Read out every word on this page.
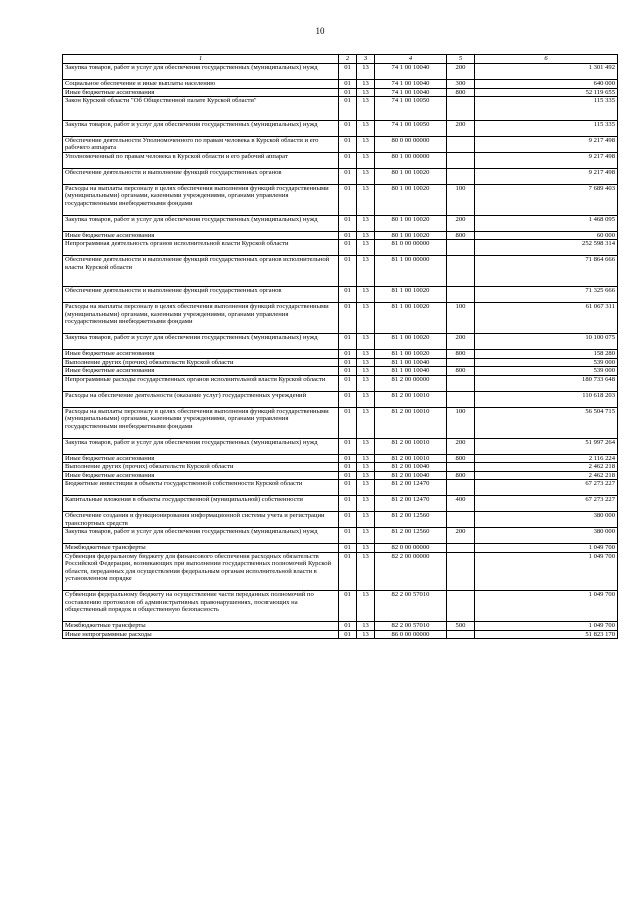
10
1	2	3	4	5	6
Закупка товаров, работ и услуг для обеспечения государственных (муниципальных) нужд	01	13	74 1 00 10040	200	1 301 492
Социальное обеспечение и иные выплаты населению	01	13	74 1 00 10040	300	640 000
Иные бюджетные ассигнования	01	13	74 1 00 10040	800	52 119 655
Закон Курской области "Об Общественной палате Курской области"	01	13	74 1 00 10050		115 335
Закупка товаров, работ и услуг для обеспечения государственных (муниципальных) нужд	01	13	74 1 00 10050	200	115 335
Обеспечение деятельности Уполномоченного по правам человека в Курской области и его рабочего аппарата	01	13	80 0 00 00000		9 217 498
Уполномоченный по правам человека в Курской области и его рабочий аппарат	01	13	80 1 00 00000		9 217 498
Обеспечение деятельности и выполнение функций государственных органов	01	13	80 1 00 10020		9 217 498
Расходы на выплаты персоналу в целях обеспечения выполнения функций государственными (муниципальными) органами, казенными учреждениями, органами управления государственными внебюджетными фондами	01	13	80 1 00 10020	100	7 689 403
Закупка товаров, работ и услуг для обеспечения государственных (муниципальных) нужд	01	13	80 1 00 10020	200	1 468 095
Иные бюджетные ассигнования	01	13	80 1 00 10020	800	60 000
Непрограммная деятельность органов исполнительной власти Курской области	01	13	81 0 00 00000		252 598 314
Обеспечение деятельности и выполнение функций государственных органов исполнительной власти Курской области	01	13	81 1 00 00000		71 864 666
Обеспечение деятельности и выполнение функций государственных органов	01	13	81 1 00 10020		71 325 666
Расходы на выплаты персоналу в целях обеспечения выполнения функций государственными (муниципальными) органами, казенными учреждениями, органами управления государственными внебюджетными фондами	01	13	81 1 00 10020	100	61 067 311
Закупка товаров, работ и услуг для обеспечения государственных (муниципальных) нужд	01	13	81 1 00 10020	200	10 100 075
Иные бюджетные ассигнования	01	13	81 1 00 10020	800	158 280
Выполнение других (прочих) обязательств Курской области	01	13	81 1 00 10040		539 000
Иные бюджетные ассигнования	01	13	81 1 00 10040	800	539 000
Непрограммные расходы государственных органов исполнительной власти Курской области	01	13	81 2 00 00000		180 733 648
Расходы на обеспечение деятельности (оказание услуг) государственных учреждений	01	13	81 2 00 10010		110 618 203
Расходы на выплаты персоналу в целях обеспечения выполнения функций государственными (муниципальными) органами, казенными учреждениями, органами управления государственными внебюджетными фондами	01	13	81 2 00 10010	100	56 504 715
Закупка товаров, работ и услуг для обеспечения государственных (муниципальных) нужд	01	13	81 2 00 10010	200	51 997 264
Иные бюджетные ассигнования	01	13	81 2 00 10010	800	2 116 224
Выполнение других (прочих) обязательств Курской области	01	13	81 2 00 10040		2 462 218
Иные бюджетные ассигнования	01	13	81 2 00 10040	800	2 462 218
Бюджетные инвестиции в объекты государственной собственности Курской области	01	13	81 2 00 12470		67 273 227
Капитальные вложения в объекты государственной (муниципальной) собственности	01	13	81 2 00 12470	400	67 273 227
Обеспечение создания и функционирования информационной системы учета и регистрации транспортных средств	01	13	81 2 00 12560		380 000
Закупка товаров, работ и услуг для обеспечения государственных (муниципальных) нужд	01	13	81 2 00 12560	200	380 000
Межбюджетные трансферты	01	13	82 0 00 00000		1 049 700
Субвенция федеральному бюджету для финансового обеспечения расходных обязательств Российской Федерации, возникающих при выполнении государственных полномочий Курской области, переданных для осуществления федеральным органам исполнительной власти в установленном порядке	01	13	82 2 00 00000		1 049 700
Субвенции федеральному бюджету на осуществление части переданных полномочий по составлению протоколов об административных правонарушениях, посягающих на общественный порядок и общественную безопасность	01	13	82 2 00 57010		1 049 700
Межбюджетные трансферты	01	13	82 2 00 57010	500	1 049 700
Иные непрограммные расходы	01	13	86 0 00 00000		51 823 170
